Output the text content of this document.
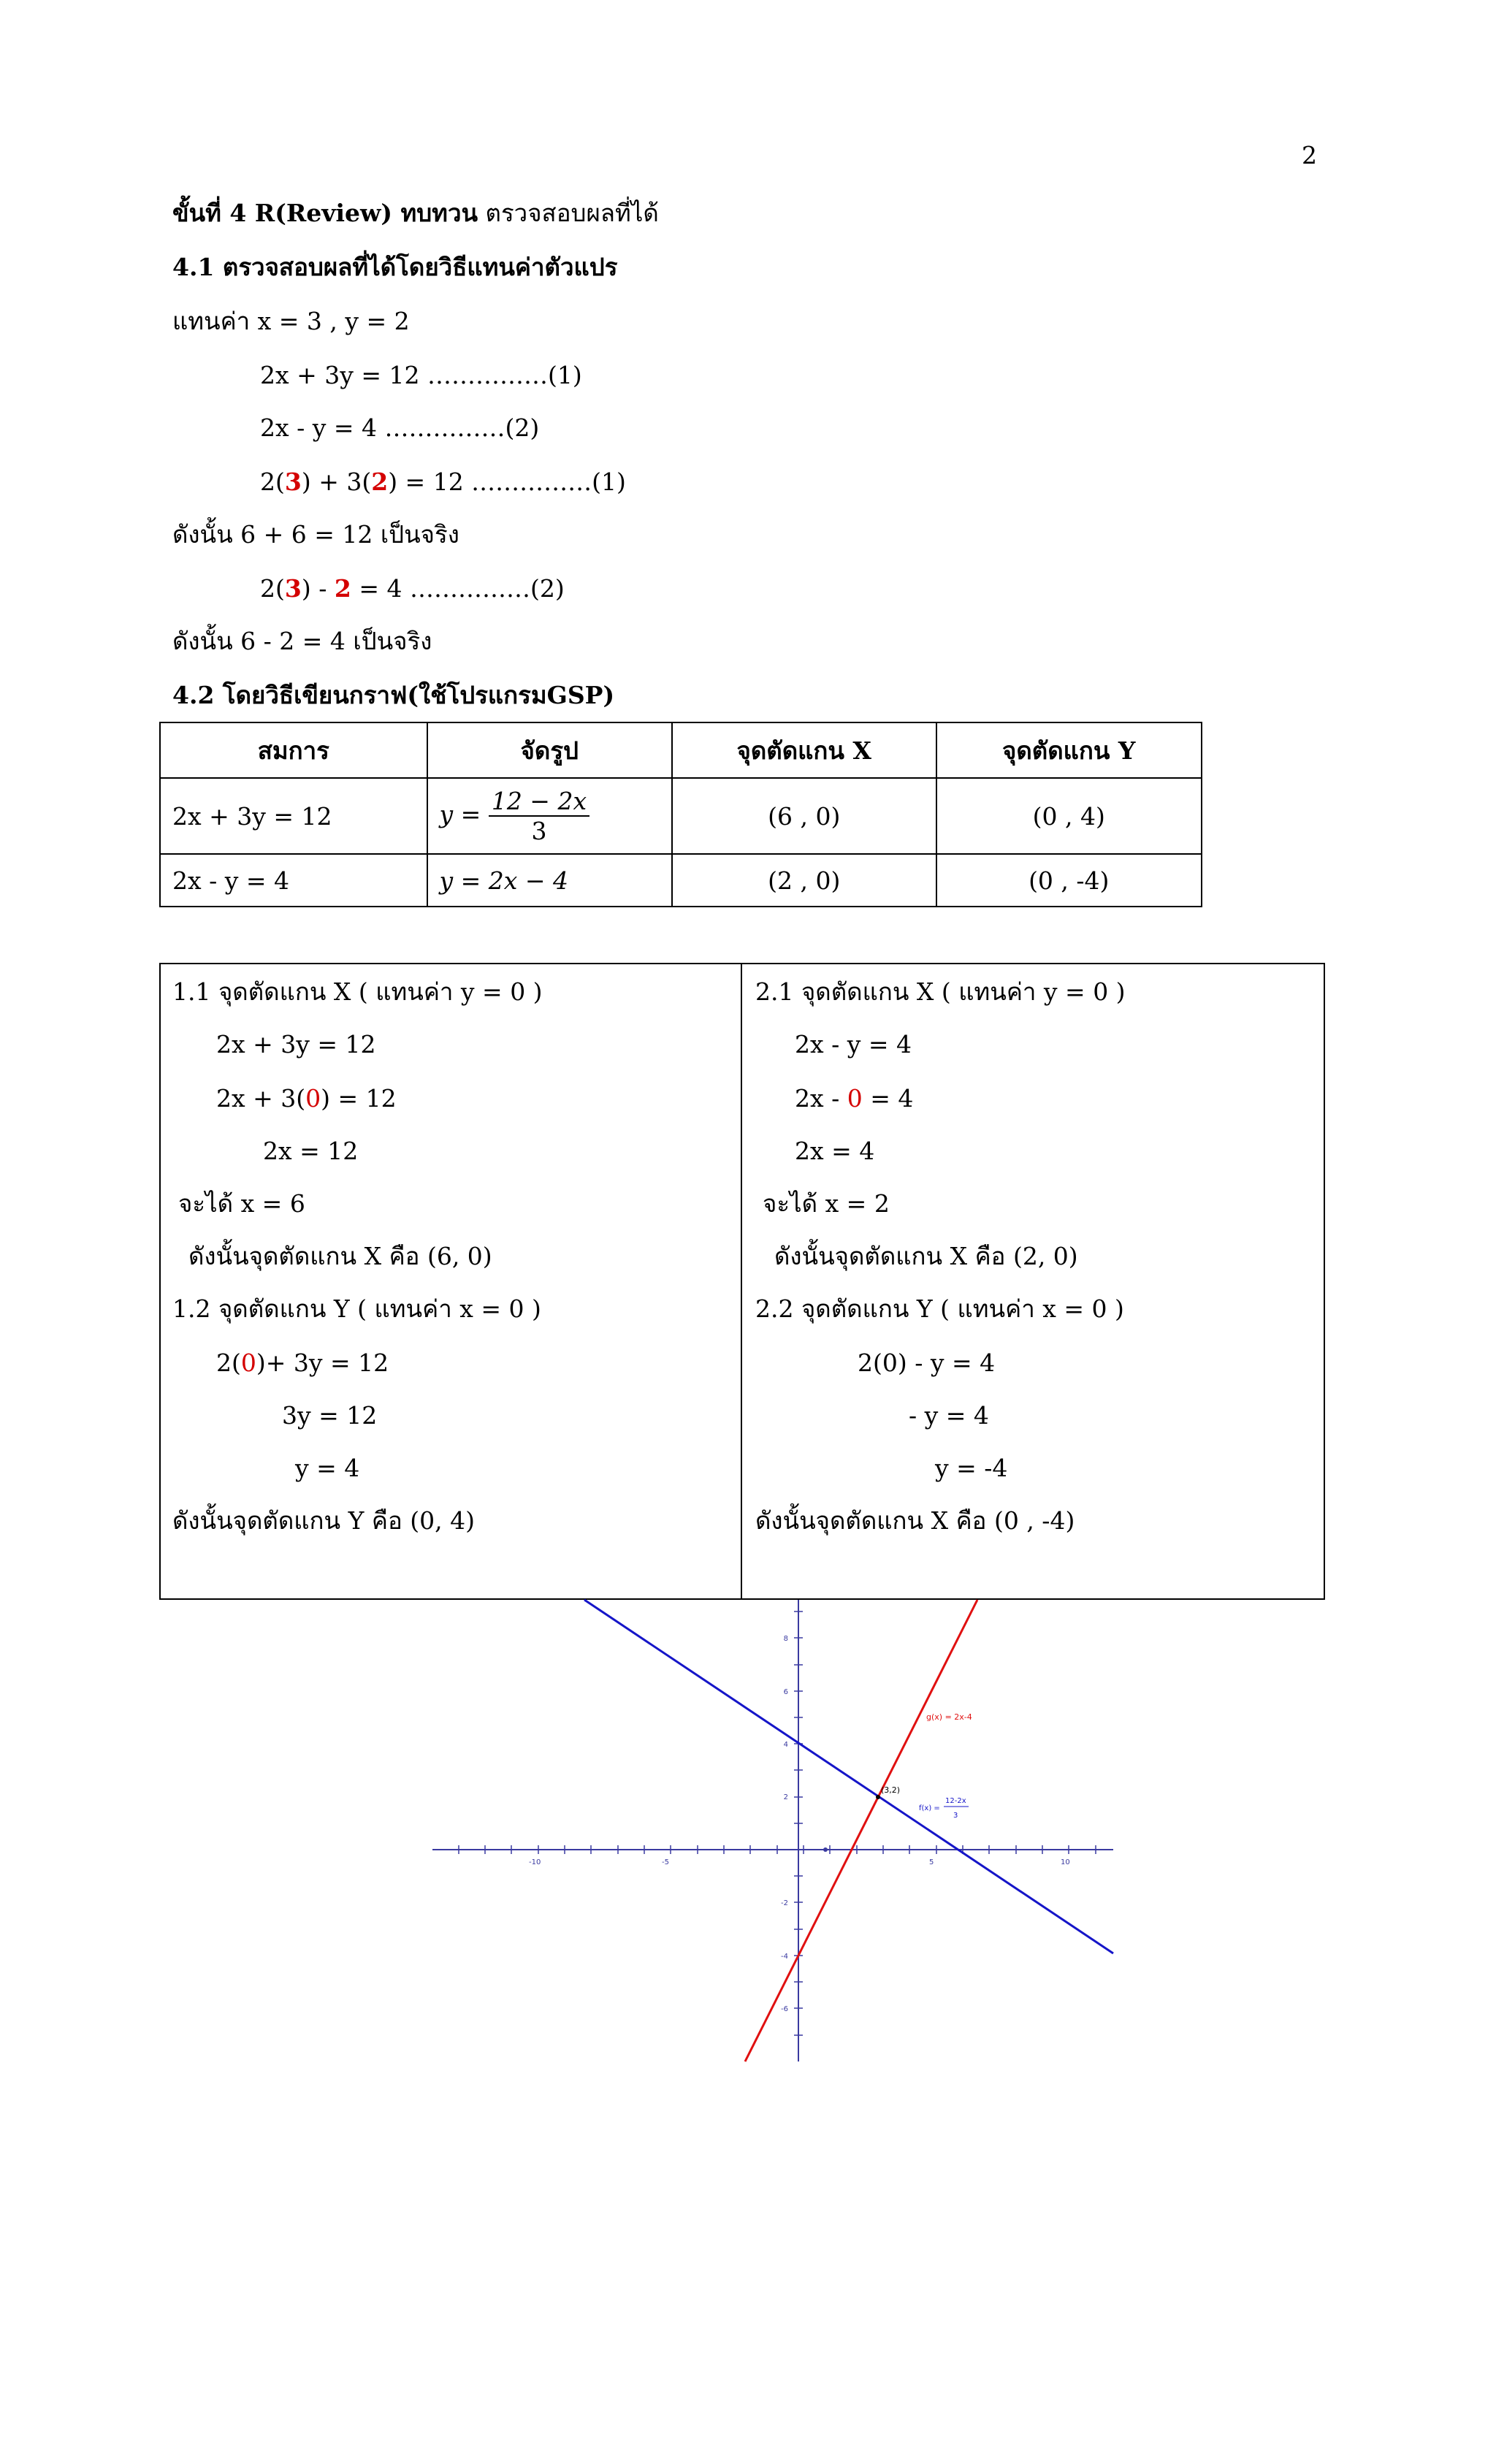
2
ขั้นที่ 4 R(Review) ทบทวน ตรวจสอบผลที่ได้
4.1 ตรวจสอบผลที่ได้โดยวิธีแทนค่าตัวแปร
แทนค่า x = 3 , y = 2
2x + 3y = 12 ……………(1)
2x - y = 4 ……………(2)
2(3) + 3(2) = 12 ……………(1)
ดังนั้น 6 + 6 = 12 เป็นจริง
2(3) - 2 = 4 ……………(2)
ดังนั้น 6 - 2 = 4 เป็นจริง
4.2 โดยวิธีเขียนกราฟ(ใช้โปรแกรมGSP)
สมการ	จัดรูป	จุดตัดแกน X	จุดตัดแกน Y
2x + 3y = 12	$y = \frac{12 - 2x}{3}$	(6 , 0)	(0 , 4)
2x - y = 4	y = 2x − 4	(2 , 0)	(0 , -4)
1.1 จุดตัดแกน X ( แทนค่า y = 0 )
2x + 3y = 12
2x + 3(0) = 12
2x = 12
จะได้ x = 6
ดังนั้นจุดตัดแกน X คือ (6, 0)
1.2 จุดตัดแกน Y ( แทนค่า x = 0 )
2(0)+ 3y = 12
3y = 12
y = 4
ดังนั้นจุดตัดแกน Y คือ (0, 4)
2.1 จุดตัดแกน X ( แทนค่า y = 0 )
2x - y = 4
2x - 0 = 4
2x = 4
จะได้ x = 2
ดังนั้นจุดตัดแกน X คือ (2, 0)
2.2 จุดตัดแกน Y ( แทนค่า x = 0 )
2(0) - y = 4
- y = 4
y = -4
ดังนั้นจุดตัดแกน X คือ (0 , -4)
-10	-5	5	10
8
6
4
2
-2
-4
-6
(3,2)
g(x) = 2x-4
f(x) =
12-2x
3
